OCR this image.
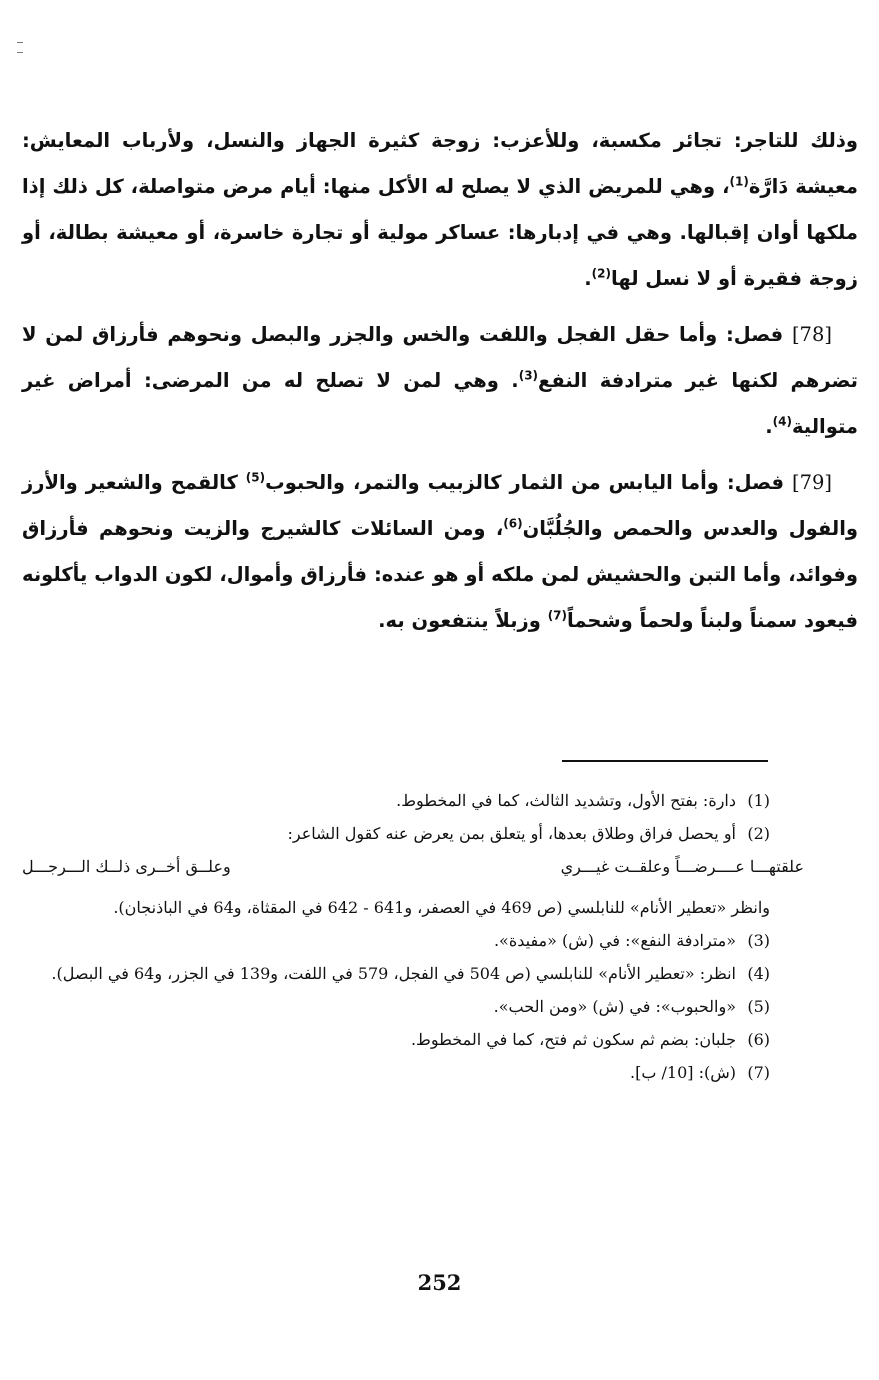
وذلك للتاجر: تجائر مكسبة، وللأعزب: زوجة كثيرة الجهاز والنسل، ولأرباب المعايش: معيشة دَارَّة$^{(1)}$، وهي للمريض الذي لا يصلح له الأكل منها: أيام مرض متواصلة، كل ذلك إذا ملكها أوان إقبالها. وهي في إدبارها: عساكر مولية أو تجارة خاسرة، أو معيشة بطالة، أو زوجة فقيرة أو لا نسل لها$^{(2)}$.

[78] فصل: وأما حقل الفجل واللفت والخس والجزر والبصل ونحوهم فأرزاق لمن لا تضرهم لكنها غير مترادفة النفع$^{(3)}$. وهي لمن لا تصلح له من المرضى: أمراض غير متوالية$^{(4)}$.

[79] فصل: وأما اليابس من الثمار كالزبيب والتمر، والحبوب$^{(5)}$ كالقمح والشعير والأرز والفول والعدس والحمص والجُلُبَّان$^{(6)}$، ومن السائلات كالشيرج والزيت ونحوهم فأرزاق وفوائد، وأما التبن والحشيش لمن ملكه أو هو عنده: فأرزاق وأموال، لكون الدواب يأكلونه فيعود سمناً ولبناً ولحماً وشحماً$^{(7)}$ وزبلاً ينتفعون به.

(1)
دارة: بفتح الأول، وتشديد الثالث، كما في المخطوط.
(2)
أو يحصل فراق وطلاق بعدها، أو يتعلق بمن يعرض عنه كقول الشاعر:
علقتهـــا عــــرضـــاً وعلقــت غيـــري
وعلــق أخــرى ذلــك الـــرجـــل
وانظر «تعطير الأنام» للنابلسي (ص 469 في العصفر، و641 - 642 في المقثاة، و64 في الباذنجان).
(3)
«مترادفة النفع»: في (ش) «مفيدة».
(4)
انظر: «تعطير الأنام» للنابلسي (ص 504 في الفجل، 579 في اللفت، و139 في الجزر، و64 في البصل).
(5)
«والحبوب»: في (ش) «ومن الحب».
(6)
جلبان: بضم ثم سكون ثم فتح، كما في المخطوط.
(7)
(ش): [10/ ب].
252
